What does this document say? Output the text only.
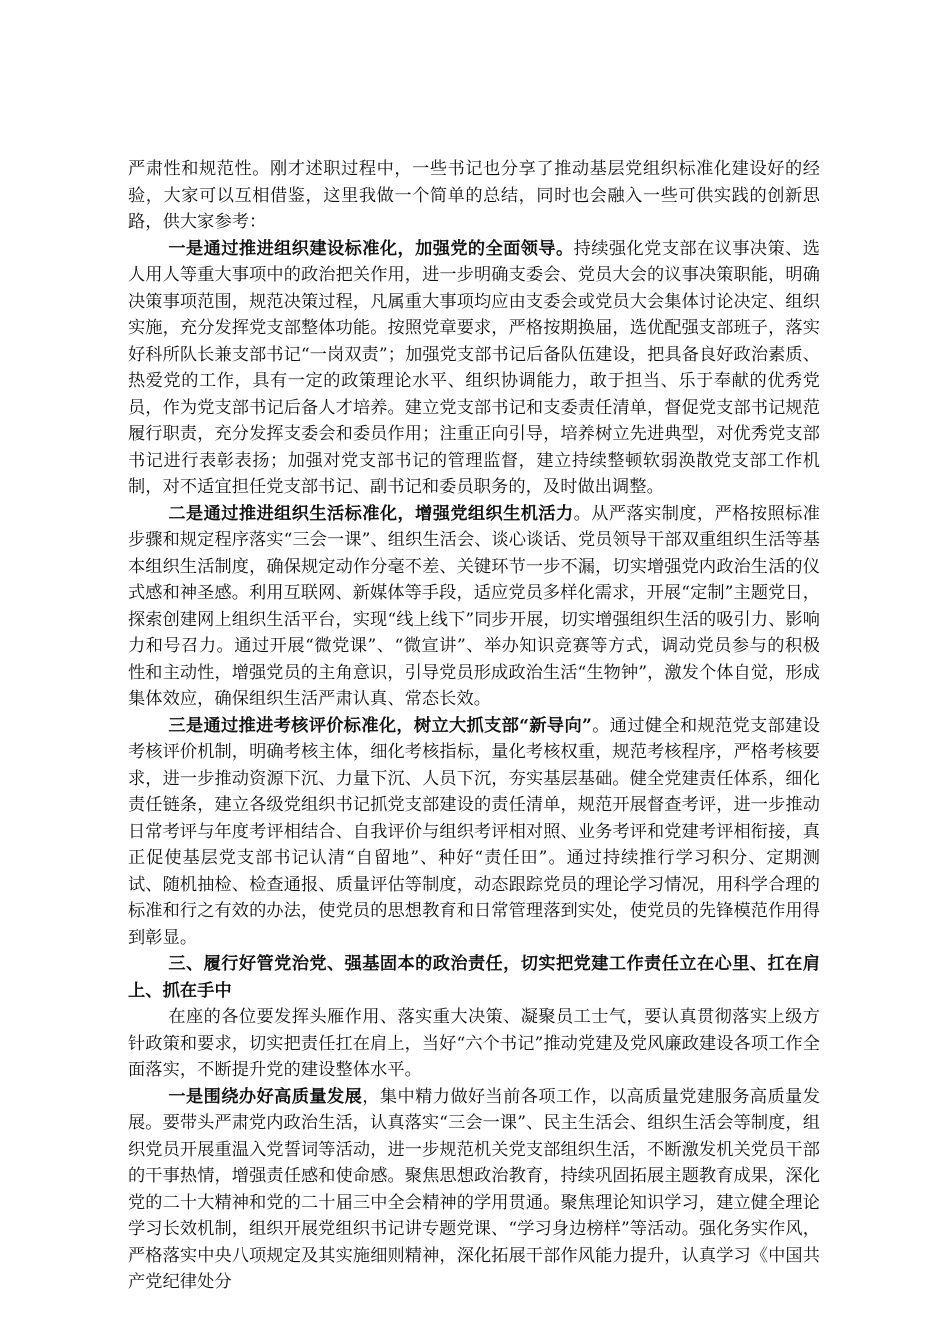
严肃性和规范性。刚才述职过程中，一些书记也分享了推动基层党组织标准化建设好的经验，大家可以互相借鉴，这里我做一个简单的总结，同时也会融入一些可供实践的创新思路，供大家参考：

一是通过推进组织建设标准化，加强党的全面领导。持续强化党支部在议事决策、选人用人等重大事项中的政治把关作用，进一步明确支委会、党员大会的议事决策职能，明确决策事项范围，规范决策过程，凡属重大事项均应由支委会或党员大会集体讨论决定、组织实施，充分发挥党支部整体功能。按照党章要求，严格按期换届，选优配强支部班子，落实好科所队长兼支部书记“一岗双责”；加强党支部书记后备队伍建设，把具备良好政治素质、热爱党的工作，具有一定的政策理论水平、组织协调能力，敢于担当、乐于奉献的优秀党员，作为党支部书记后备人才培养。建立党支部书记和支委责任清单，督促党支部书记规范履行职责，充分发挥支委会和委员作用；注重正向引导，培养树立先进典型，对优秀党支部书记进行表彰表扬；加强对党支部书记的管理监督，建立持续整顿软弱涣散党支部工作机制，对不适宜担任党支部书记、副书记和委员职务的，及时做出调整。

二是通过推进组织生活标准化，增强党组织生机活力。从严落实制度，严格按照标准步骤和规定程序落实“三会一课”、组织生活会、谈心谈话、党员领导干部双重组织生活等基本组织生活制度，确保规定动作分毫不差、关键环节一步不漏，切实增强党内政治生活的仪式感和神圣感。利用互联网、新媒体等手段，适应党员多样化需求，开展“定制”主题党日，探索创建网上组织生活平台，实现“线上线下”同步开展，切实增强组织生活的吸引力、影响力和号召力。通过开展“微党课”、“微宣讲”、举办知识竞赛等方式，调动党员参与的积极性和主动性，增强党员的主角意识，引导党员形成政治生活“生物钟”，激发个体自觉，形成集体效应，确保组织生活严肃认真、常态长效。

三是通过推进考核评价标准化，树立大抓支部“新导向”。通过健全和规范党支部建设考核评价机制，明确考核主体，细化考核指标，量化考核权重，规范考核程序，严格考核要求，进一步推动资源下沉、力量下沉、人员下沉，夯实基层基础。健全党建责任体系，细化责任链条，建立各级党组织书记抓党支部建设的责任清单，规范开展督查考评，进一步推动日常考评与年度考评相结合、自我评价与组织考评相对照、业务考评和党建考评相衔接，真正促使基层党支部书记认清“自留地”、种好“责任田”。通过持续推行学习积分、定期测试、随机抽检、检查通报、质量评估等制度，动态跟踪党员的理论学习情况，用科学合理的标准和行之有效的办法，使党员的思想教育和日常管理落到实处，使党员的先锋模范作用得到彰显。

三、履行好管党治党、强基固本的政治责任，切实把党建工作责任立在心里、扛在肩上、抓在手中

在座的各位要发挥头雁作用、落实重大决策、凝聚员工士气，要认真贯彻落实上级方针政策和要求，切实把责任扛在肩上，当好“六个书记”推动党建及党风廉政建设各项工作全面落实，不断提升党的建设整体水平。

一是围绕办好高质量发展，集中精力做好当前各项工作，以高质量党建服务高质量发展。要带头严肃党内政治生活，认真落实“三会一课”、民主生活会、组织生活会等制度，组织党员开展重温入党誓词等活动，进一步规范机关党支部组织生活，不断激发机关党员干部的干事热情，增强责任感和使命感。聚焦思想政治教育，持续巩固拓展主题教育成果，深化党的二十大精神和党的二十届三中全会精神的学用贯通。聚焦理论知识学习，建立健全理论学习长效机制，组织开展党组织书记讲专题党课、“学习身边榜样”等活动。强化务实作风，严格落实中央八项规定及其实施细则精神，深化拓展干部作风能力提升，认真学习《中国共产党纪律处分
